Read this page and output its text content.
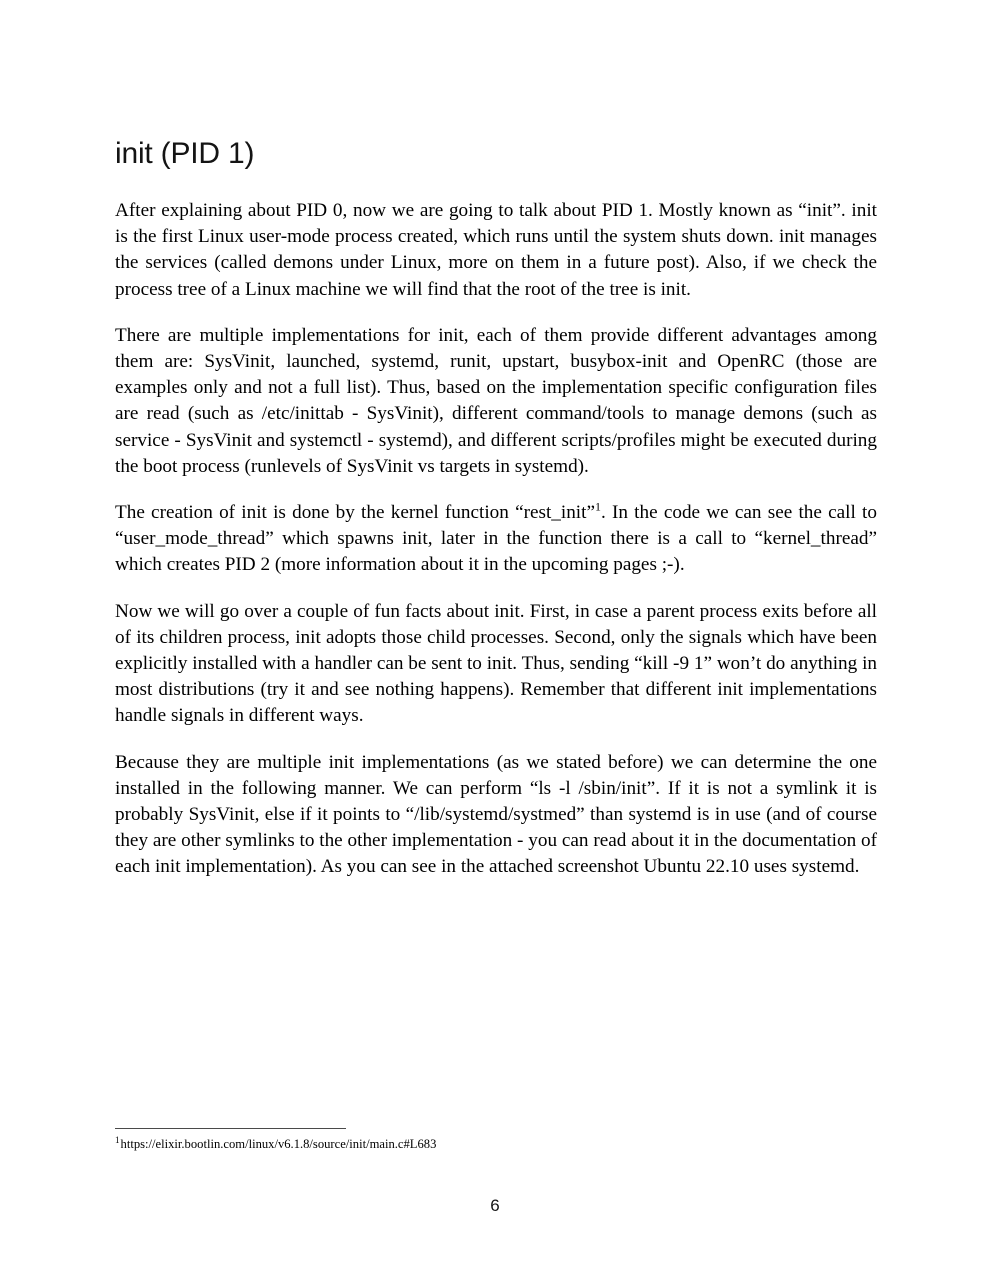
init (PID 1)

After explaining about PID 0, now we are going to talk about PID 1. Mostly known as “init”. init is the first Linux user-mode process created, which runs until the system shuts down. init manages the services (called demons under Linux, more on them in a future post). Also, if we check the process tree of a Linux machine we will find that the root of the tree is init.

There are multiple implementations for init, each of them provide different advantages among them are: SysVinit, launched, systemd, runit, upstart, busybox-init and OpenRC (those are examples only and not a full list). Thus, based on the implementation specific configuration files are read (such as /etc/inittab - SysVinit), different command/tools to manage demons (such as service - SysVinit and systemctl - systemd), and different scripts/profiles might be executed during the boot process (runlevels of SysVinit vs targets in systemd).

The creation of init is done by the kernel function “rest_init”$^1$. In the code we can see the call to “user_mode_thread” which spawns init, later in the function there is a call to “kernel_thread” which creates PID 2 (more information about it in the upcoming pages ;-).

Now we will go over a couple of fun facts about init. First, in case a parent process exits before all of its children process, init adopts those child processes. Second, only the signals which have been explicitly installed with a handler can be sent to init. Thus, sending “kill -9 1” won’t do anything in most distributions (try it and see nothing happens). Remember that different init implementations handle signals in different ways.

Because they are multiple init implementations (as we stated before) we can determine the one installed in the following manner. We can perform “ls -l /sbin/init”. If it is not a symlink it is probably SysVinit, else if it points to “/lib/systemd/systmed” than systemd is in use (and of course they are other symlinks to the other implementation - you can read about it in the documentation of each init implementation). As you can see in the attached screenshot Ubuntu 22.10 uses systemd.

$^1$https://elixir.bootlin.com/linux/v6.1.8/source/init/main.c#L683

6
